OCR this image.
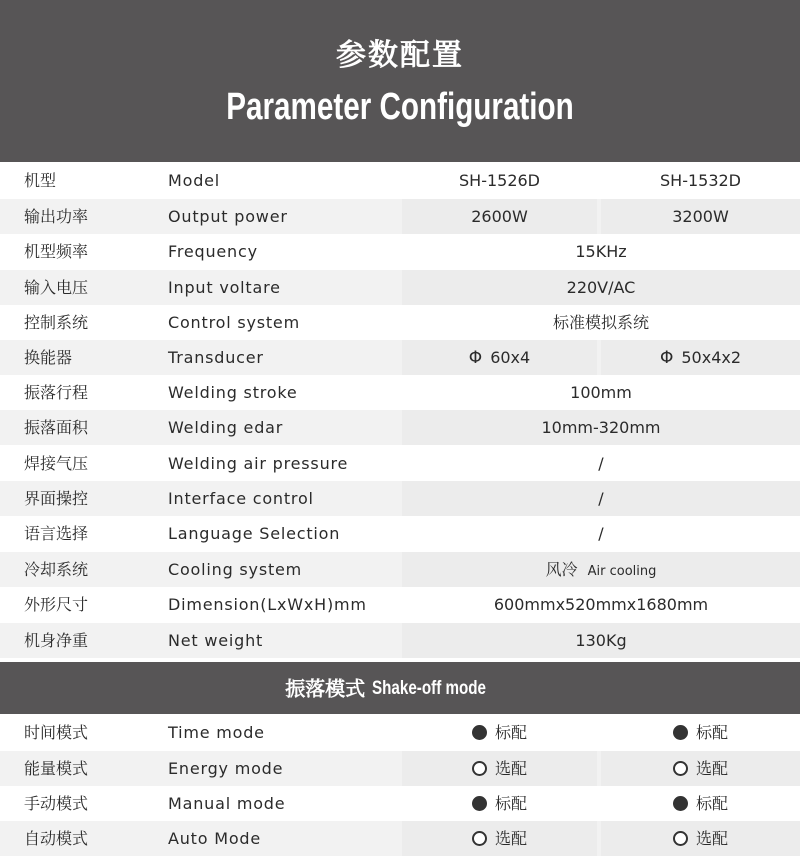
参数配置
Parameter Configuration
机型	Model	SH-1526D	SH-1532D
输出功率	Output power	2600W	3200W
机型频率	Frequency	15KHz
输入电压	Input voltare	220V/AC
控制系统	Control system	标准模拟系统
换能器	Transducer	Φ 60x4	Φ 50x4x2
振落行程	Welding stroke	100mm
振落面积	Welding edar	10mm-320mm
焊接气压	Welding air pressure	/
界面操控	Interface control	/
语言选择	Language Selection	/
冷却系统	Cooling system	风冷 Air cooling
外形尺寸	Dimension(LxWxH)mm	600mmx520mmx1680mm
机身净重	Net weight	130Kg
振落模式 Shake-off mode
时间模式	Time mode	标配	标配
能量模式	Energy mode	选配	选配
手动模式	Manual mode	标配	标配
自动模式	Auto Mode	选配	选配
